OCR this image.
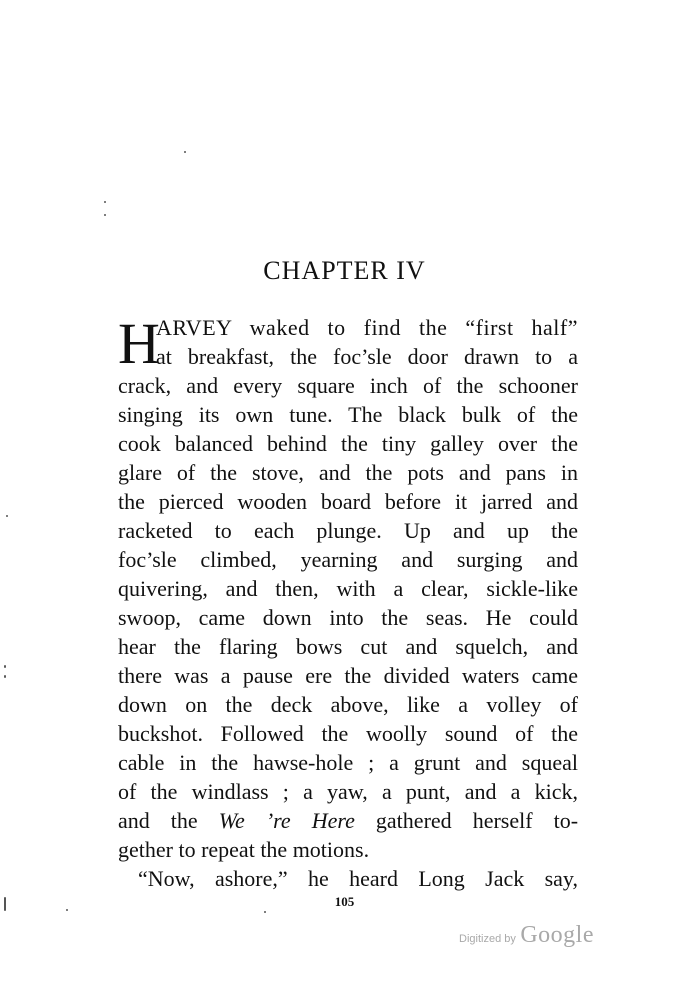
CHAPTER IV
H
ARVEY waked to find the “first half”
at breakfast, the foc’sle door drawn to a
crack, and every square inch of the schooner
singing its own tune. The black bulk of the
cook balanced behind the tiny galley over the
glare of the stove, and the pots and pans in
the pierced wooden board before it jarred and
racketed to each plunge. Up and up the
foc’sle climbed, yearning and surging and
quivering, and then, with a clear, sickle-like
swoop, came down into the seas. He could
hear the flaring bows cut and squelch, and
there was a pause ere the divided waters came
down on the deck above, like a volley of
buckshot. Followed the woolly sound of the
cable in the hawse-hole ; a grunt and squeal
of the windlass ; a yaw, a punt, and a kick,
and the We ’re Here gathered herself to-
gether to repeat the motions.
“Now, ashore,” he heard Long Jack say,
105
Digitized by Google
